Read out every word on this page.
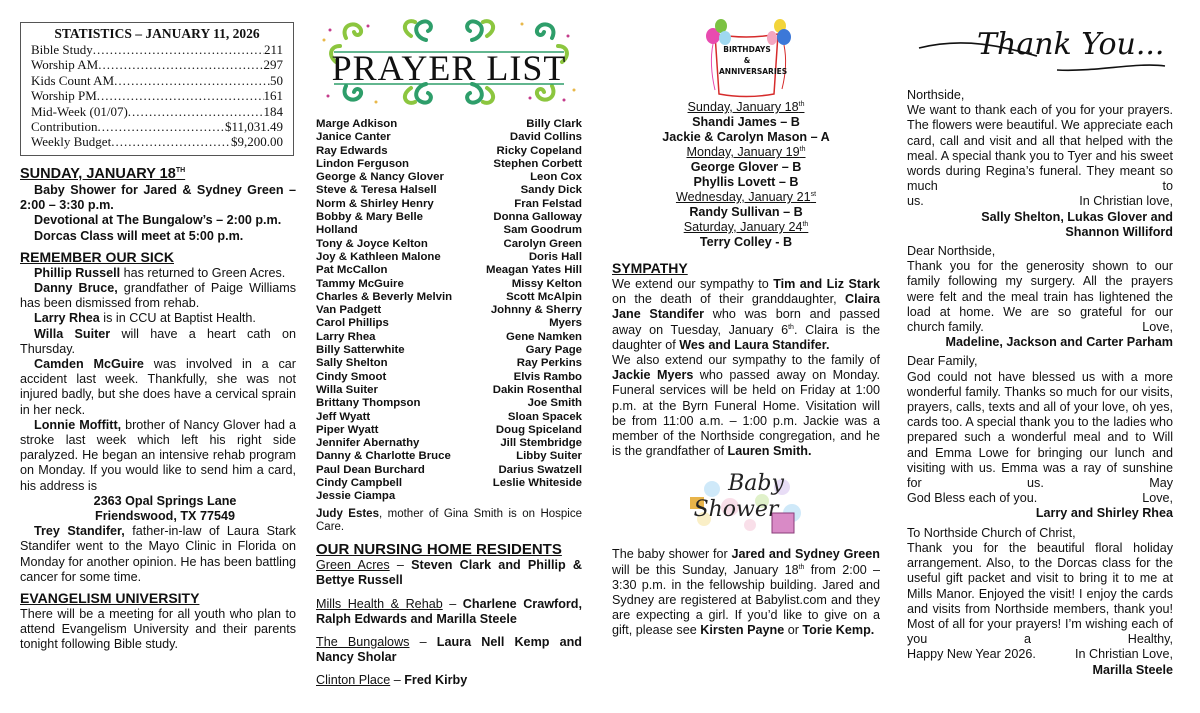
STATISTICS – JANUARY 11, 2026
Bible Study .....	211
Worship AM .....	297
Kids Count AM .....	50
Worship PM .....	161
Mid-Week (01/07) .....	184
Contribution .....	$11,031.49
Weekly Budget .....	$9,200.00
SUNDAY, JANUARY 18TH

Baby Shower for Jared & Sydney Green – 2:00 – 3:30 p.m.

Devotional at The Bungalow’s – 2:00 p.m.

Dorcas Class will meet at 5:00 p.m.

REMEMBER OUR SICK

Phillip Russell has returned to Green Acres.

Danny Bruce, grandfather of Paige Williams has been dismissed from rehab.

Larry Rhea is in CCU at Baptist Health.

Willa Suiter will have a heart cath on Thursday.

Camden McGuire was involved in a car accident last week. Thankfully, she was not injured badly, but she does have a cervical sprain in her neck.

Lonnie Moffitt, brother of Nancy Glover had a stroke last week which left his right side paralyzed. He began an intensive rehab program on Monday. If you would like to send him a card, his address is

2363 Opal Springs Lane

Friendswood, TX 77549

Trey Standifer, father-in-law of Laura Stark Standifer went to the Mayo Clinic in Florida on Monday for another opinion. He has been battling cancer for some time.

EVANGELISM UNIVERSITY

There will be a meeting for all youth who plan to attend Evangelism University and their parents tonight following Bible study.

PRAYER LIST
Marge Adkison
Janice Canter
Ray Edwards
Lindon Ferguson
George & Nancy Glover
Steve & Teresa Halsell
Norm & Shirley Henry
Bobby & Mary Belle Holland
Tony & Joyce Kelton
Joy & Kathleen Malone
Pat McCallon
Tammy McGuire
Charles & Beverly Melvin
Van Padgett
Carol Phillips
Larry Rhea
Billy Satterwhite
Sally Shelton
Cindy Smoot
Willa Suiter
Brittany Thompson
Jeff Wyatt
Piper Wyatt
Jennifer Abernathy
Danny & Charlotte Bruce
Paul Dean Burchard
Cindy Campbell
Jessie Ciampa
Billy Clark
David Collins
Ricky Copeland
Stephen Corbett
Leon Cox
Sandy Dick
Fran Felstad
Donna Galloway
Sam Goodrum
Carolyn Green
Doris Hall
Meagan Yates Hill
Missy Kelton
Scott McAlpin
Johnny & Sherry Myers
Gene Namken
Gary Page
Ray Perkins
Elvis Rambo
Dakin Rosenthal
Joe Smith
Sloan Spacek
Doug Spiceland
Jill Stembridge
Libby Suiter
Darius Swatzell
Leslie Whiteside

Judy Estes, mother of Gina Smith is on Hospice Care.

OUR NURSING HOME RESIDENTS

Green Acres – Steven Clark and Phillip & Bettye Russell

Mills Health & Rehab – Charlene Crawford, Ralph Edwards and Marilla Steele

The Bungalows – Laura Nell Kemp and Nancy Sholar

Clinton Place – Fred Kirby

BIRTHDAYS
&
ANNIVERSARIES
Sunday, January 18th
Shandi James – B
Jackie & Carolyn Mason – A
Monday, January 19th
George Glover – B
Phyllis Lovett – B
Wednesday, January 21st
Randy Sullivan – B
Saturday, January 24th
Terry Colley - B
SYMPATHY

We extend our sympathy to Tim and Liz Stark on the death of their granddaughter, Claira Jane Standifer who was born and passed away on Tuesday, January 6th. Claira is the daughter of Wes and Laura Standifer.

We also extend our sympathy to the family of Jackie Myers who passed away on Monday. Funeral services will be held on Friday at 1:00 p.m. at the Byrn Funeral Home. Visitation will be from 11:00 a.m. – 1:00 p.m. Jackie was a member of the Northside congregation, and he is the grandfather of Lauren Smith.

Baby
Shower

The baby shower for Jared and Sydney Green will be this Sunday, January 18th from 2:00 – 3:30 p.m. in the fellowship building. Jared and Sydney are registered at Babylist.com and they are expecting a girl. If you’d like to give on a gift, please see Kirsten Payne or Torie Kemp.

Thank You...

Northside,

We want to thank each of you for your prayers. The flowers were beautiful. We appreciate each card, call and visit and all that helped with the meal. A special thank you to Tyer and his sweet words during Regina’s funeral. They meant so much to

us.	In Christian love,
Sally Shelton, Lukas Glover and
Shannon Williford

Dear Northside,

Thank you for the generosity shown to our family following my surgery. All the prayers were felt and the meal train has lightened the load at home. We are so grateful for our

church family.	Love,
Madeline, Jackson and Carter Parham

Dear Family,

God could not have blessed us with a more wonderful family. Thanks so much for our visits, prayers, calls, texts and all of your love, oh yes, cards too. A special thank you to the ladies who prepared such a wonderful meal and to Will and Emma Lowe for bringing our lunch and visiting with us. Emma was a ray of sunshine for us. May

God Bless each of you.	Love,
Larry and Shirley Rhea

To Northside Church of Christ,

Thank you for the beautiful floral holiday arrangement. Also, to the Dorcas class for the useful gift packet and visit to bring it to me at Mills Manor. Enjoyed the visit! I enjoy the cards and visits from Northside members, thank you! Most of all for your prayers! I’m wishing each of you a Healthy,

Happy New Year 2026.	In Christian Love,
Marilla Steele
